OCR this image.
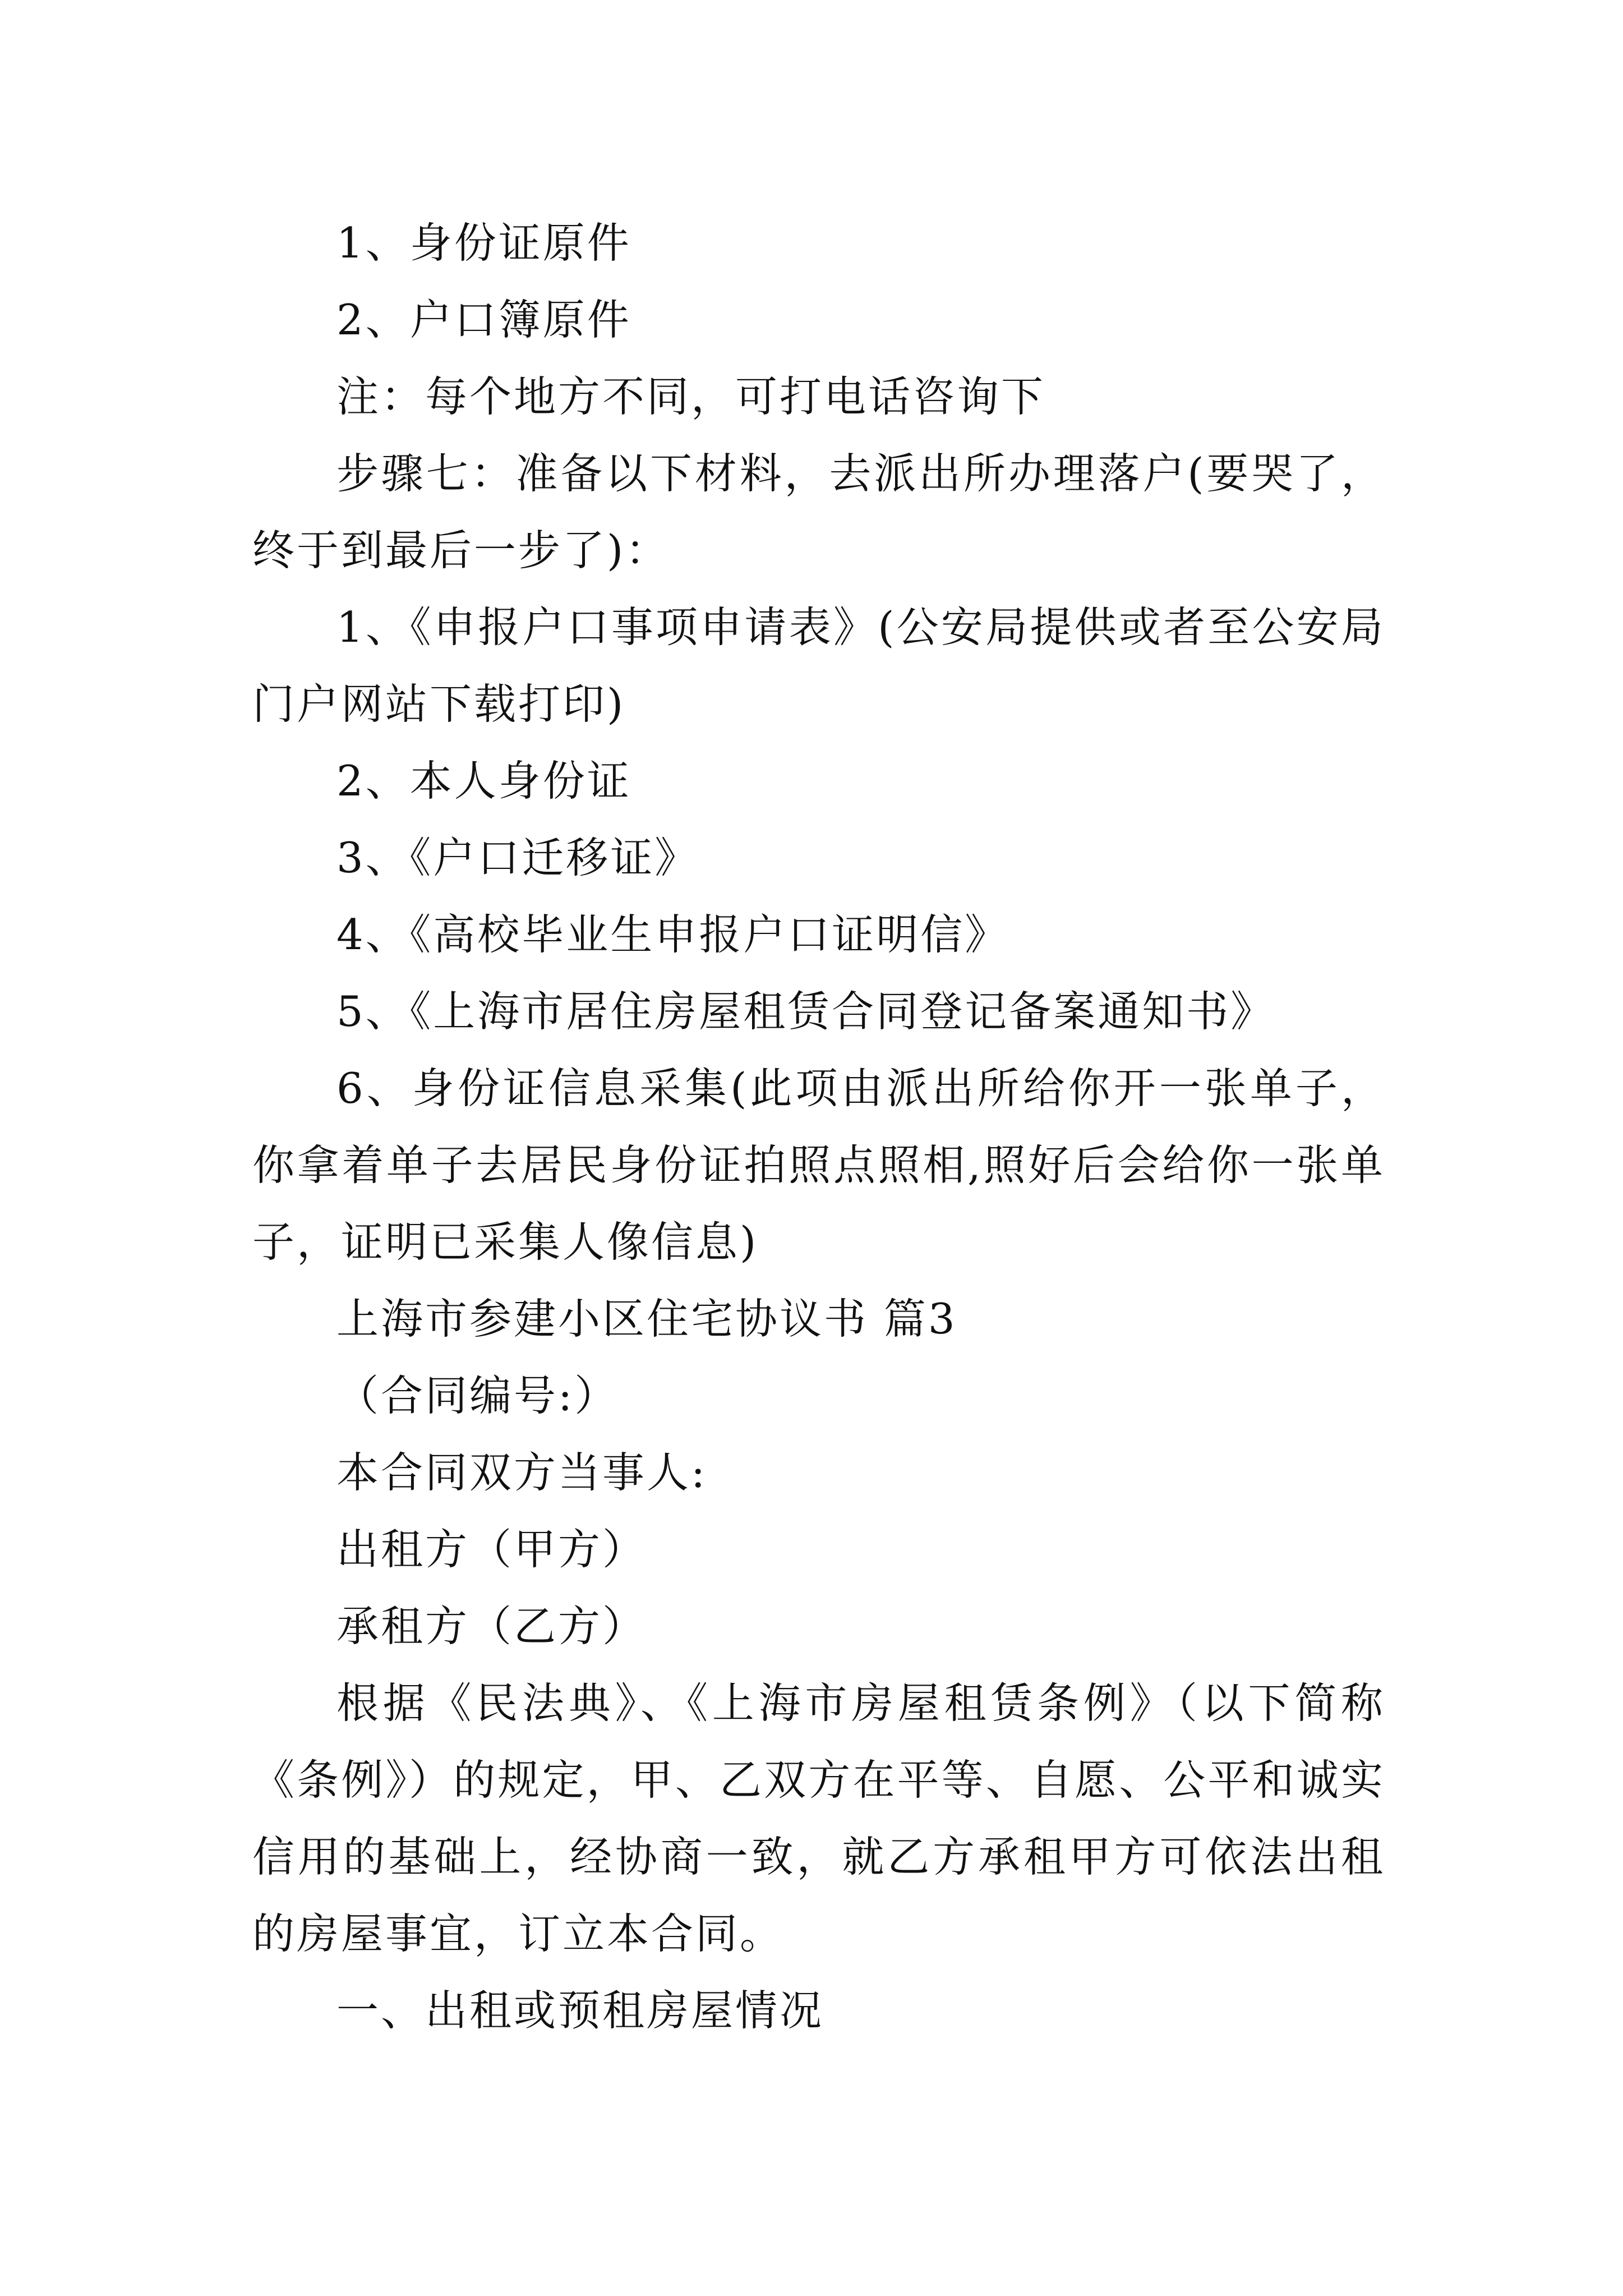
1、身份证原件

2、户口簿原件

注：每个地方不同，可打电话咨询下

步骤七：准备以下材料，去派出所办理落户(要哭了，终于到最后一步了)：

1、《申报户口事项申请表》(公安局提供或者至公安局门户网站下载打印)

2、本人身份证

3、《户口迁移证》

4、《高校毕业生申报户口证明信》

5、《上海市居住房屋租赁合同登记备案通知书》

6、身份证信息采集(此项由派出所给你开一张单子，你拿着单子去居民身份证拍照点照相,照好后会给你一张单子，证明已采集人像信息)

上海市参建小区住宅协议书 篇3

（合同编号:）

本合同双方当事人:

出租方（甲方）

承租方（乙方）

根据《民法典》、《上海市房屋租赁条例》（以下简称《条例》）的规定，甲、乙双方在平等、自愿、公平和诚实信用的基础上，经协商一致，就乙方承租甲方可依法出租的房屋事宜，订立本合同。

一、出租或预租房屋情况
